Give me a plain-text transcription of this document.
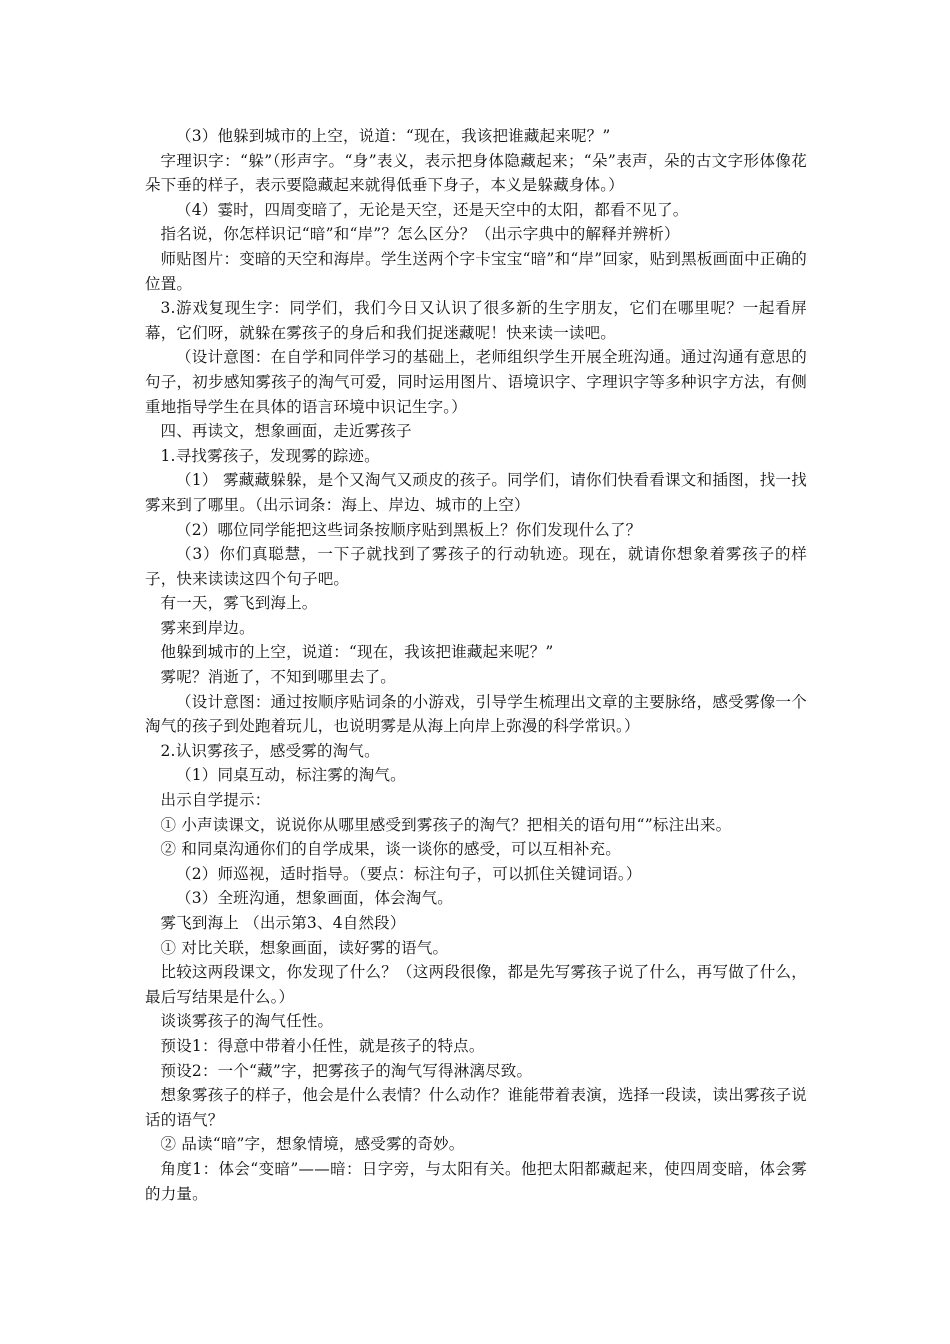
（3）他躲到城市的上空，说道：“现在，我该把谁藏起来呢？”

字理识字：“躲”（形声字。“身”表义，表示把身体隐藏起来；“朵”表声，朵的古文字形体像花朵下垂的样子，表示要隐藏起来就得低垂下身子，本义是躲藏身体。）

（4）霎时，四周变暗了，无论是天空，还是天空中的太阳，都看不见了。

指名说，你怎样识记“暗”和“岸”？怎么区分？（出示字典中的解释并辨析）

师贴图片：变暗的天空和海岸。学生送两个字卡宝宝“暗”和“岸”回家，贴到黑板画面中正确的位置。

3.游戏复现生字：同学们，我们今日又认识了很多新的生字朋友，它们在哪里呢？一起看屏幕，它们呀，就躲在雾孩子的身后和我们捉迷藏呢！快来读一读吧。

（设计意图：在自学和同伴学习的基础上，老师组织学生开展全班沟通。通过沟通有意思的句子，初步感知雾孩子的淘气可爱，同时运用图片、语境识字、字理识字等多种识字方法，有侧重地指导学生在具体的语言环境中识记生字。）

四、再读文，想象画面，走近雾孩子

1.寻找雾孩子，发现雾的踪迹。

（1） 雾藏藏躲躲，是个又淘气又顽皮的孩子。同学们，请你们快看看课文和插图，找一找雾来到了哪里。（出示词条：海上、岸边、城市的上空）

（2）哪位同学能把这些词条按顺序贴到黑板上？你们发现什么了？

（3）你们真聪慧，一下子就找到了雾孩子的行动轨迹。现在，就请你想象着雾孩子的样子，快来读读这四个句子吧。

有一天，雾飞到海上。

雾来到岸边。

他躲到城市的上空，说道：“现在，我该把谁藏起来呢？”

雾呢？消逝了，不知到哪里去了。

（设计意图：通过按顺序贴词条的小游戏，引导学生梳理出文章的主要脉络，感受雾像一个淘气的孩子到处跑着玩儿，也说明雾是从海上向岸上弥漫的科学常识。）

2.认识雾孩子，感受雾的淘气。

（1）同桌互动，标注雾的淘气。

出示自学提示：

① 小声读课文，说说你从哪里感受到雾孩子的淘气？把相关的语句用“”标注出来。

② 和同桌沟通你们的自学成果，谈一谈你的感受，可以互相补充。

（2）师巡视，适时指导。（要点：标注句子，可以抓住关键词语。）

（3）全班沟通，想象画面，体会淘气。

雾飞到海上 （出示第3、4自然段）

① 对比关联，想象画面，读好雾的语气。

比较这两段课文，你发现了什么？（这两段很像，都是先写雾孩子说了什么，再写做了什么，最后写结果是什么。）

谈谈雾孩子的淘气任性。

预设1：得意中带着小任性，就是孩子的特点。

预设2：一个“藏”字，把雾孩子的淘气写得淋漓尽致。

想象雾孩子的样子，他会是什么表情？什么动作？谁能带着表演，选择一段读，读出雾孩子说话的语气？

② 品读“暗”字，想象情境，感受雾的奇妙。

角度1：体会“变暗”——暗：日字旁，与太阳有关。他把太阳都藏起来，使四周变暗，体会雾的力量。
